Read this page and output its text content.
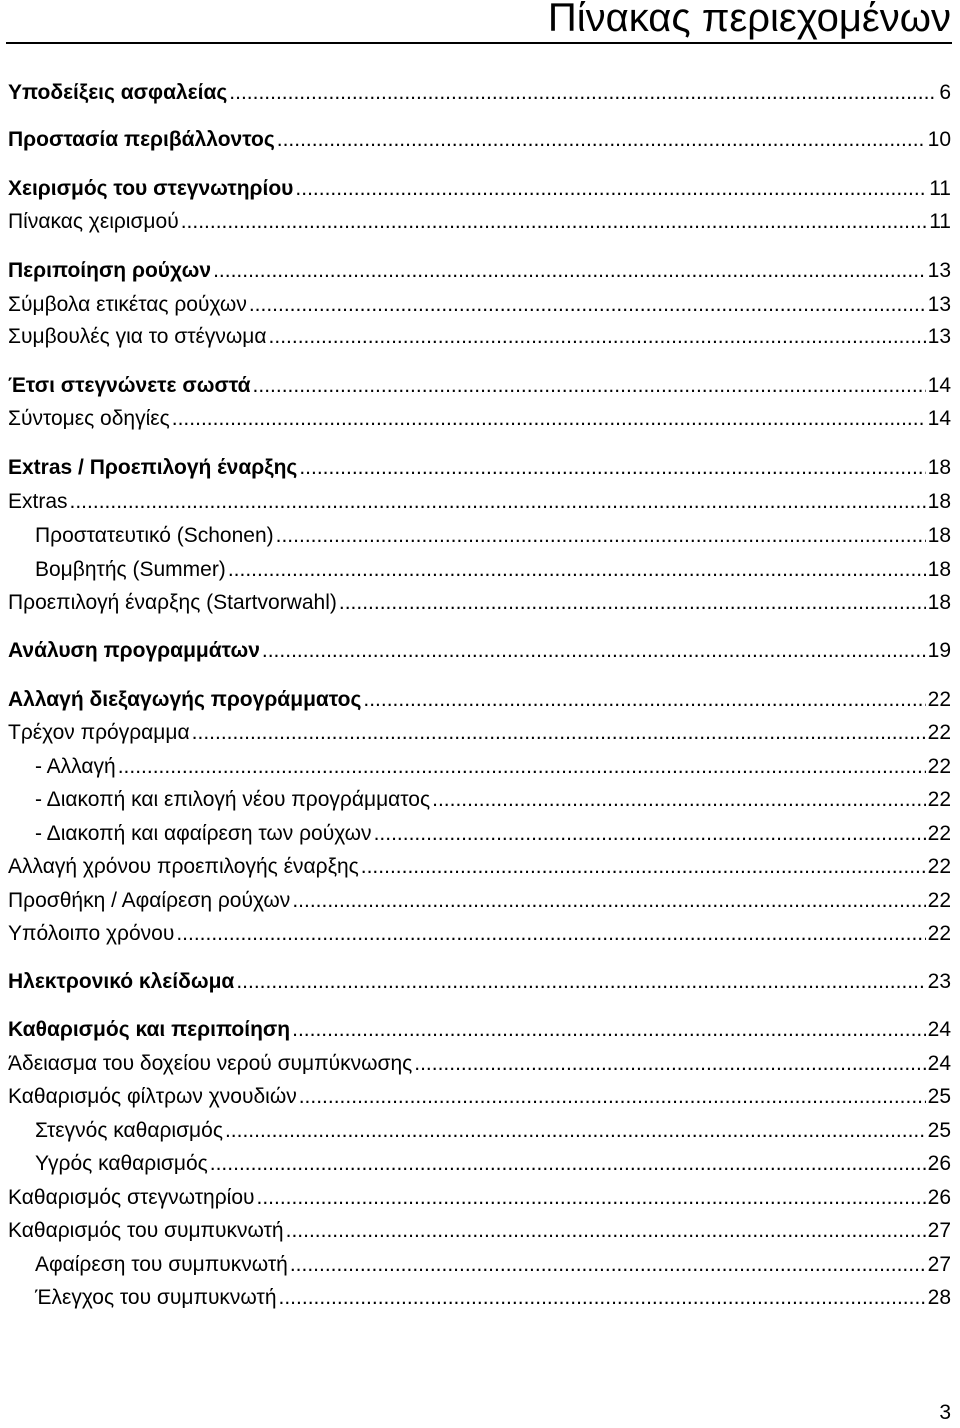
Πίνακας περιεχομένων
Υποδείξεις ασφαλείας .....	6
Προστασία περιβάλλοντος .....	10
Χειρισμός του στεγνωτηρίου .....	11
Πίνακας χειρισμού .....	11
Περιποίηση ρούχων .....	13
Σύμβολα ετικέτας ρούχων .....	13
Συμβουλές για το στέγνωμα .....	13
Έτσι στεγνώνετε σωστά .....	14
Σύντομες οδηγίες .....	14
Extras / Προεπιλογή έναρξης .....	18
Extras .....	18
Προστατευτικό (Schonen) .....	18
Βομβητής (Summer) .....	18
Προεπιλογή έναρξης (Startvorwahl) .....	18
Ανάλυση προγραμμάτων .....	19
Αλλαγή διεξαγωγής προγράμματος .....	22
Τρέχον πρόγραμμα .....	22
- Αλλαγή .....	22
- Διακοπή και επιλογή νέου προγράμματος .....	22
- Διακοπή και αφαίρεση των ρούχων .....	22
Αλλαγή χρόνου προεπιλογής έναρξης .....	22
Προσθήκη / Αφαίρεση ρούχων .....	22
Υπόλοιπο χρόνου .....	22
Ηλεκτρονικό κλείδωμα .....	23
Καθαρισμός και περιποίηση .....	24
Άδειασμα του δοχείου νερού συμπύκνωσης .....	24
Καθαρισμός φίλτρων χνουδιών .....	25
Στεγνός καθαρισμός .....	25
Υγρός καθαρισμός .....	26
Καθαρισμός στεγνωτηρίου .....	26
Καθαρισμός του συμπυκνωτή .....	27
Αφαίρεση του συμπυκνωτή .....	27
Έλεγχος του συμπυκνωτή .....	28
3
